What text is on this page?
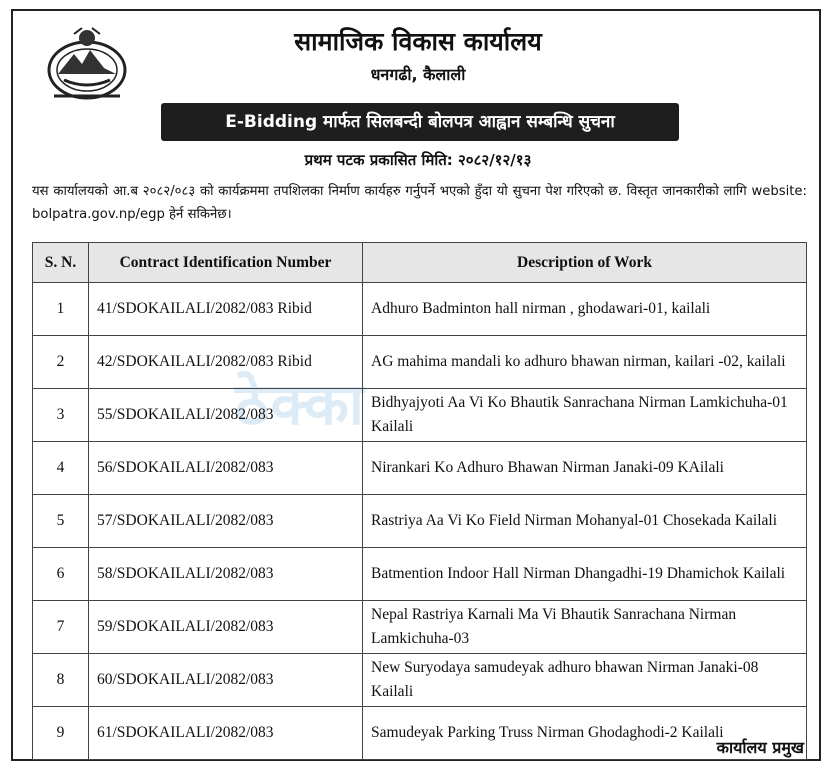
सामाजिक विकास कार्यालय
धनगढी, कैलाली
E-Bidding मार्फत सिलबन्दी बोलपत्र आह्वान सम्बन्धि सुचना
प्रथम पटक प्रकासित मिति: २०८२/१२/१३
यस कार्यालयको आ.ब २०८२/०८३ को कार्यक्रममा तपशिलका निर्माण कार्यहरु गर्नुपर्ने भएको हुँदा यो सुचना पेश गरिएको छ. विस्तृत जानकारीको लागि website: bolpatra.gov.np/egp हेर्न सकिनेछ।
ठेक्का
S. N.	Contract Identification Number	Description of Work
1	41/SDOKAILALI/2082/083 Ribid	Adhuro Badminton hall nirman , ghodawari-01, kailali
2	42/SDOKAILALI/2082/083 Ribid	AG mahima mandali ko adhuro bhawan nirman, kailari -02, kailali
3	55/SDOKAILALI/2082/083	Bidhyajyoti Aa Vi Ko Bhautik Sanrachana Nirman Lamkichuha-01 Kailali
4	56/SDOKAILALI/2082/083	Nirankari Ko Adhuro Bhawan Nirman Janaki-09 KAilali
5	57/SDOKAILALI/2082/083	Rastriya Aa Vi Ko Field Nirman Mohanyal-01 Chosekada Kailali
6	58/SDOKAILALI/2082/083	Batmention Indoor Hall Nirman Dhangadhi-19 Dhamichok Kailali
7	59/SDOKAILALI/2082/083	Nepal Rastriya Karnali Ma Vi Bhautik Sanrachana Nirman Lamkichuha-03
8	60/SDOKAILALI/2082/083	New Suryodaya samudeyak adhuro bhawan Nirman Janaki-08 Kailali
9	61/SDOKAILALI/2082/083	Samudeyak Parking Truss Nirman Ghodaghodi-2 Kailali
कार्यालय प्रमुख
